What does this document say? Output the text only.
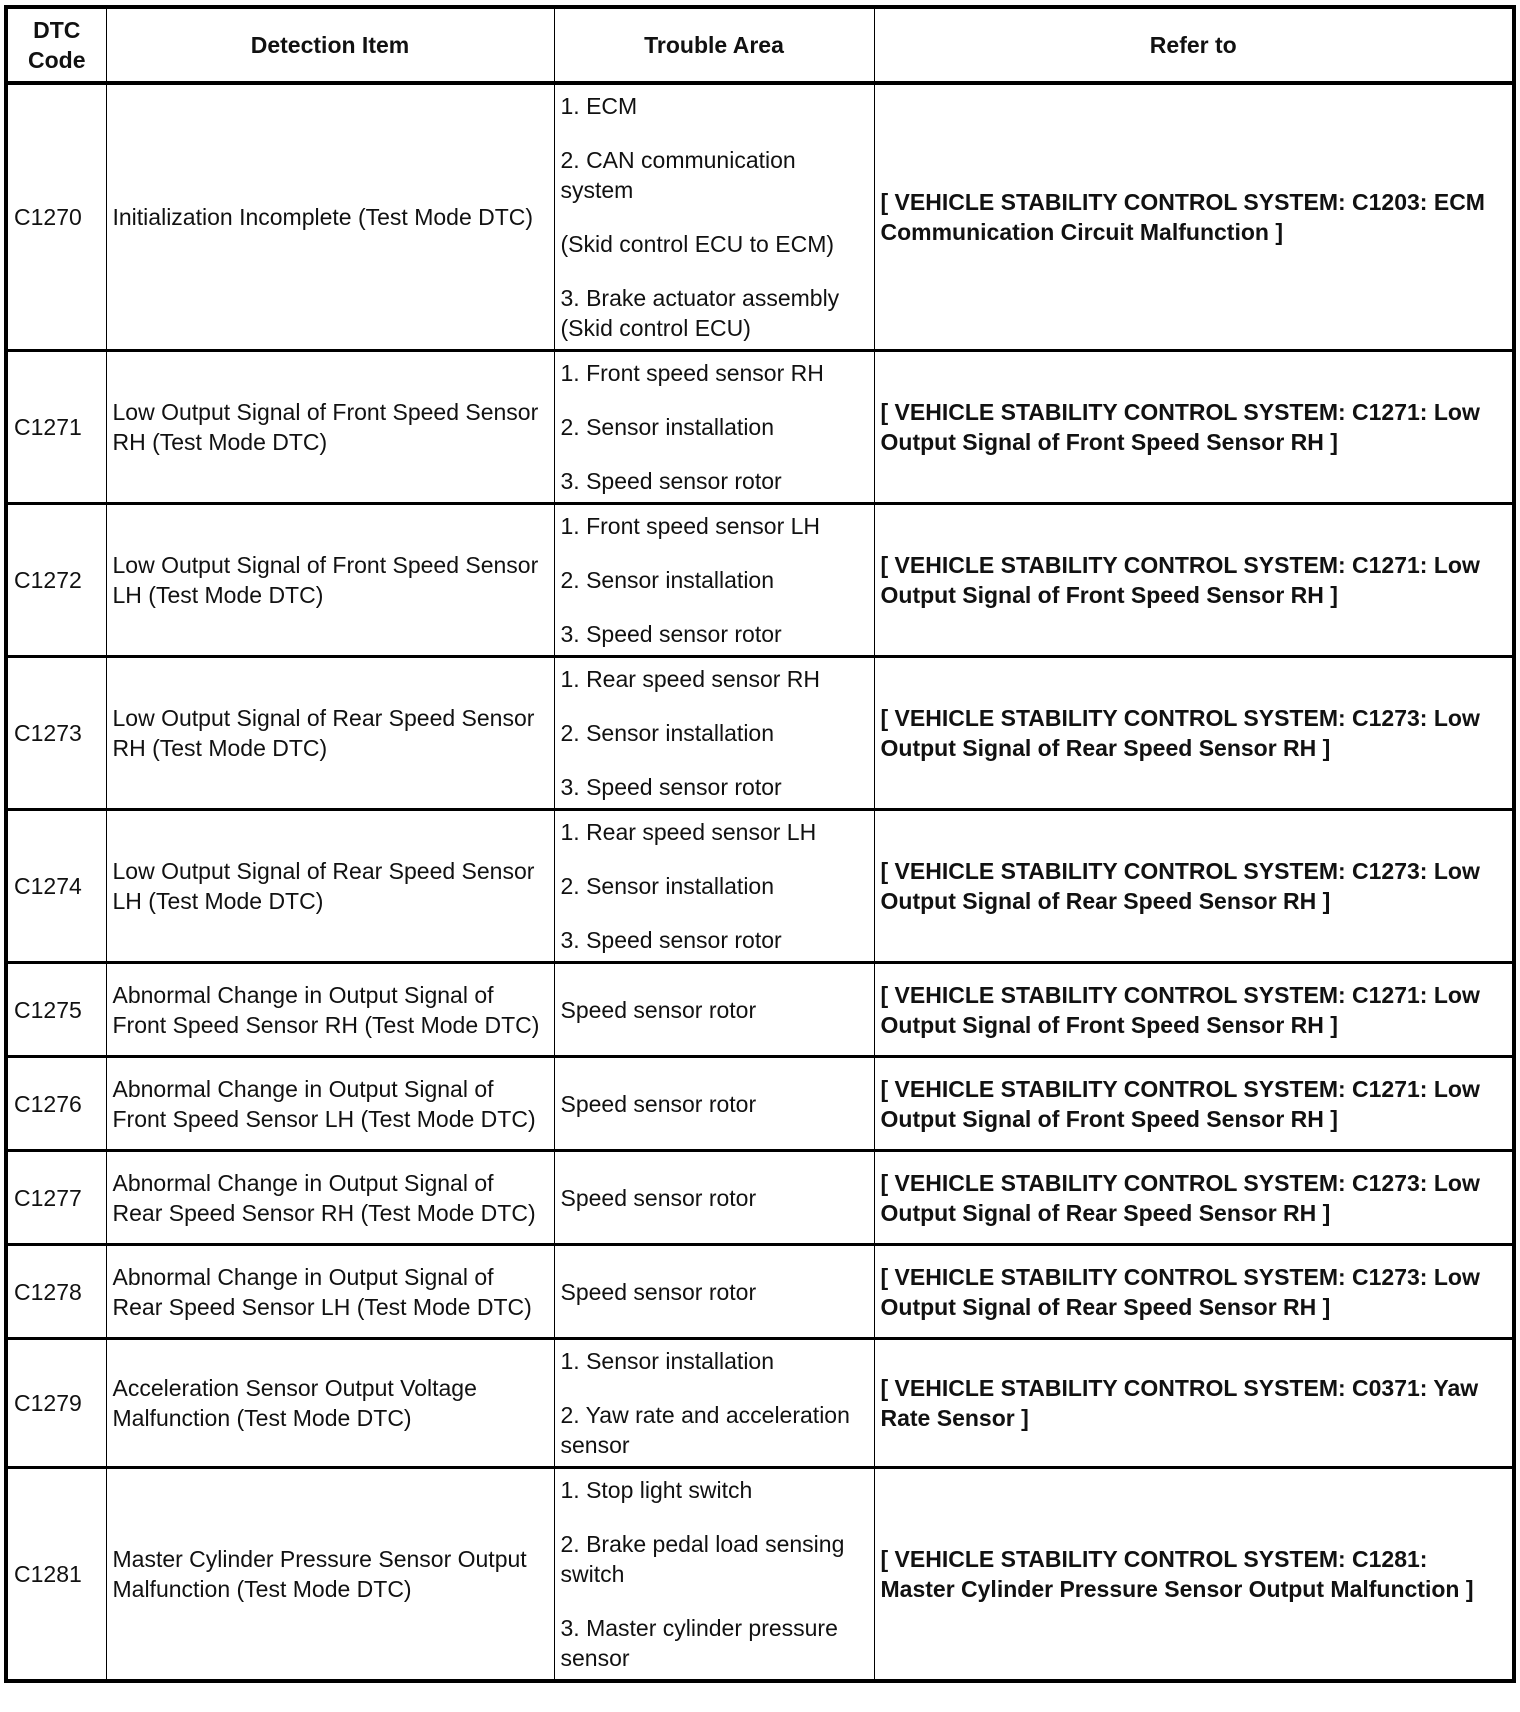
DTC
Code	Detection Item	Trouble Area	Refer to
C1270	Initialization Incomplete (Test Mode DTC)	1. ECM
2. CAN communication system
(Skid control ECU to ECM)
3. Brake actuator assembly (Skid control ECU)	[ VEHICLE STABILITY CONTROL SYSTEM: C1203: ECM Communication Circuit Malfunction ]
C1271	Low Output Signal of Front Speed Sensor RH (Test Mode DTC)	1. Front speed sensor RH
2. Sensor installation
3. Speed sensor rotor	[ VEHICLE STABILITY CONTROL SYSTEM: C1271: Low Output Signal of Front Speed Sensor RH ]
C1272	Low Output Signal of Front Speed Sensor LH (Test Mode DTC)	1. Front speed sensor LH
2. Sensor installation
3. Speed sensor rotor	[ VEHICLE STABILITY CONTROL SYSTEM: C1271: Low Output Signal of Front Speed Sensor RH ]
C1273	Low Output Signal of Rear Speed Sensor RH (Test Mode DTC)	1. Rear speed sensor RH
2. Sensor installation
3. Speed sensor rotor	[ VEHICLE STABILITY CONTROL SYSTEM: C1273: Low Output Signal of Rear Speed Sensor RH ]
C1274	Low Output Signal of Rear Speed Sensor LH (Test Mode DTC)	1. Rear speed sensor LH
2. Sensor installation
3. Speed sensor rotor	[ VEHICLE STABILITY CONTROL SYSTEM: C1273: Low Output Signal of Rear Speed Sensor RH ]
C1275	Abnormal Change in Output Signal of Front Speed Sensor RH (Test Mode DTC)	Speed sensor rotor	[ VEHICLE STABILITY CONTROL SYSTEM: C1271: Low Output Signal of Front Speed Sensor RH ]
C1276	Abnormal Change in Output Signal of Front Speed Sensor LH (Test Mode DTC)	Speed sensor rotor	[ VEHICLE STABILITY CONTROL SYSTEM: C1271: Low Output Signal of Front Speed Sensor RH ]
C1277	Abnormal Change in Output Signal of Rear Speed Sensor RH (Test Mode DTC)	Speed sensor rotor	[ VEHICLE STABILITY CONTROL SYSTEM: C1273: Low Output Signal of Rear Speed Sensor RH ]
C1278	Abnormal Change in Output Signal of Rear Speed Sensor LH (Test Mode DTC)	Speed sensor rotor	[ VEHICLE STABILITY CONTROL SYSTEM: C1273: Low Output Signal of Rear Speed Sensor RH ]
C1279	Acceleration Sensor Output Voltage Malfunction (Test Mode DTC)	1. Sensor installation
2. Yaw rate and acceleration sensor	[ VEHICLE STABILITY CONTROL SYSTEM: C0371: Yaw Rate Sensor ]
C1281	Master Cylinder Pressure Sensor Output Malfunction (Test Mode DTC)	1. Stop light switch
2. Brake pedal load sensing switch
3. Master cylinder pressure sensor	[ VEHICLE STABILITY CONTROL SYSTEM: C1281: Master Cylinder Pressure Sensor Output Malfunction ]
